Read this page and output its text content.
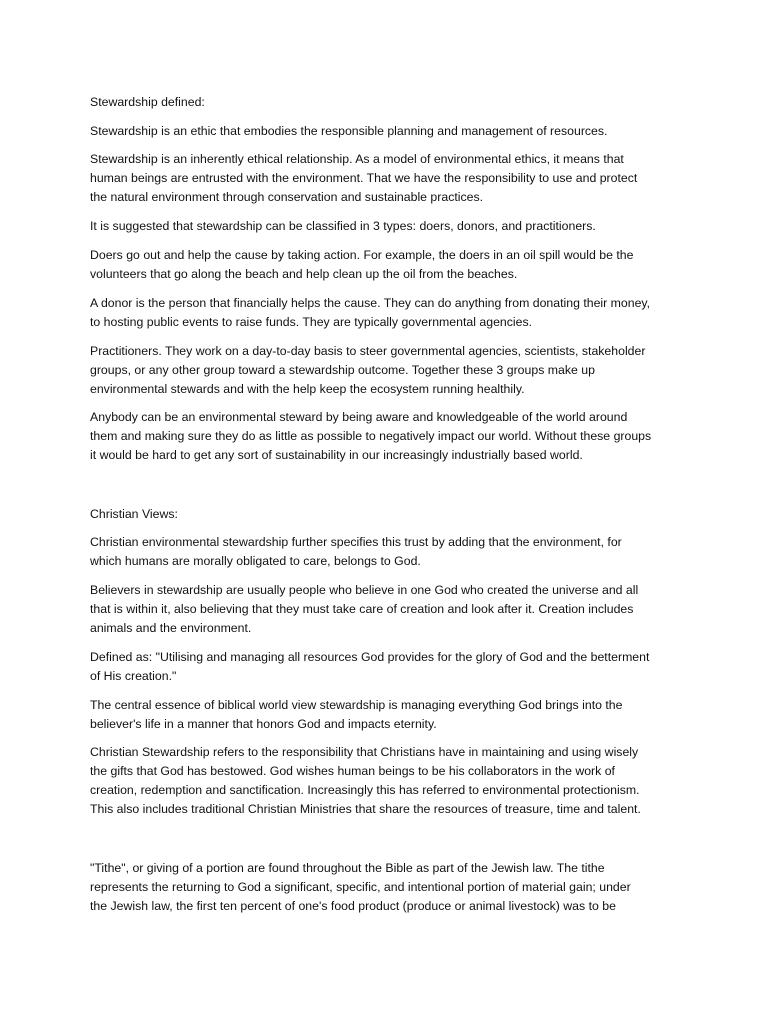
Stewardship defined:

Stewardship is an ethic that embodies the responsible planning and management of resources.

Stewardship is an inherently ethical relationship. As a model of environmental ethics, it means that
human beings are entrusted with the environment. That we have the responsibility to use and protect
the natural environment through conservation and sustainable practices.

It is suggested that stewardship can be classified in 3 types: doers, donors, and practitioners.

Doers go out and help the cause by taking action. For example, the doers in an oil spill would be the
volunteers that go along the beach and help clean up the oil from the beaches.

A donor is the person that financially helps the cause. They can do anything from donating their money,
to hosting public events to raise funds. They are typically governmental agencies.

Practitioners. They work on a day-to-day basis to steer governmental agencies, scientists, stakeholder
groups, or any other group toward a stewardship outcome. Together these 3 groups make up
environmental stewards and with the help keep the ecosystem running healthily.

Anybody can be an environmental steward by being aware and knowledgeable of the world around
them and making sure they do as little as possible to negatively impact our world. Without these groups
it would be hard to get any sort of sustainability in our increasingly industrially based world.

Christian Views:

Christian environmental stewardship further specifies this trust by adding that the environment, for
which humans are morally obligated to care, belongs to God.

Believers in stewardship are usually people who believe in one God who created the universe and all
that is within it, also believing that they must take care of creation and look after it. Creation includes
animals and the environment.

Defined as: "Utilising and managing all resources God provides for the glory of God and the betterment
of His creation."

The central essence of biblical world view stewardship is managing everything God brings into the
believer's life in a manner that honors God and impacts eternity.

Christian Stewardship refers to the responsibility that Christians have in maintaining and using wisely
the gifts that God has bestowed. God wishes human beings to be his collaborators in the work of
creation, redemption and sanctification. Increasingly this has referred to environmental protectionism.
This also includes traditional Christian Ministries that share the resources of treasure, time and talent.

"Tithe", or giving of a portion are found throughout the Bible as part of the Jewish law. The tithe
represents the returning to God a significant, specific, and intentional portion of material gain; under
the Jewish law, the first ten percent of one's food product (produce or animal livestock) was to be
